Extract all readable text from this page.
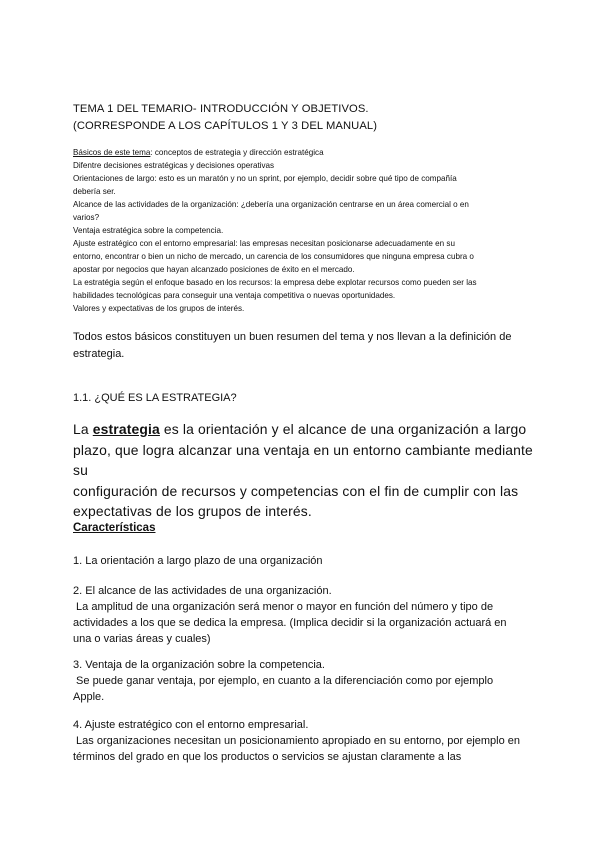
TEMA 1 DEL TEMARIO- INTRODUCCIÓN Y OBJETIVOS.
(CORRESPONDE A LOS CAPÍTULOS 1 Y 3 DEL MANUAL)

Básicos de este tema: conceptos de estrategia y dirección estratégica

Difentre decisiones estratégicas y decisiones operativas

Orientaciones de largo: esto es un maratón y no un sprint, por ejemplo, decidir sobre qué tipo de compañía

debería ser.

Alcance de las actividades de la organización: ¿debería una organización centrarse en un área comercial o en

varios?

Ventaja estratégica sobre la competencia.

Ajuste estratégico con el entorno empresarial: las empresas necesitan posicionarse adecuadamente en su

entorno, encontrar o bien un nicho de mercado, un carencia de los consumidores que ninguna empresa cubra o

apostar por negocios que hayan alcanzado posiciones de éxito en el mercado.

La estratégia según el enfoque basado en los recursos: la empresa debe explotar recursos como pueden ser las

habilidades tecnológicas para conseguir una ventaja competitiva o nuevas oportunidades.

Valores y expectativas de los grupos de interés.

Todos estos básicos constituyen un buen resumen del tema y nos llevan a la definición de
estrategia.
1.1. ¿QUÉ ES LA ESTRATEGIA?
La estrategia es la orientación y el alcance de una organización a largo
plazo, que logra alcanzar una ventaja en un entorno cambiante mediante su
configuración de recursos y competencias con el fin de cumplir con las
expectativas de los grupos de interés.
Características

1. La orientación a largo plazo de una organización

2. El alcance de las actividades de una organización.

La amplitud de una organización será menor o mayor en función del número y tipo de

actividades a los que se dedica la empresa. (Implica decidir si la organización actuará en

una o varias áreas y cuales)

3. Ventaja de la organización sobre la competencia.

Se puede ganar ventaja, por ejemplo, en cuanto a la diferenciación como por ejemplo

Apple.

4. Ajuste estratégico con el entorno empresarial.

Las organizaciones necesitan un posicionamiento apropiado en su entorno, por ejemplo en

términos del grado en que los productos o servicios se ajustan claramente a las
